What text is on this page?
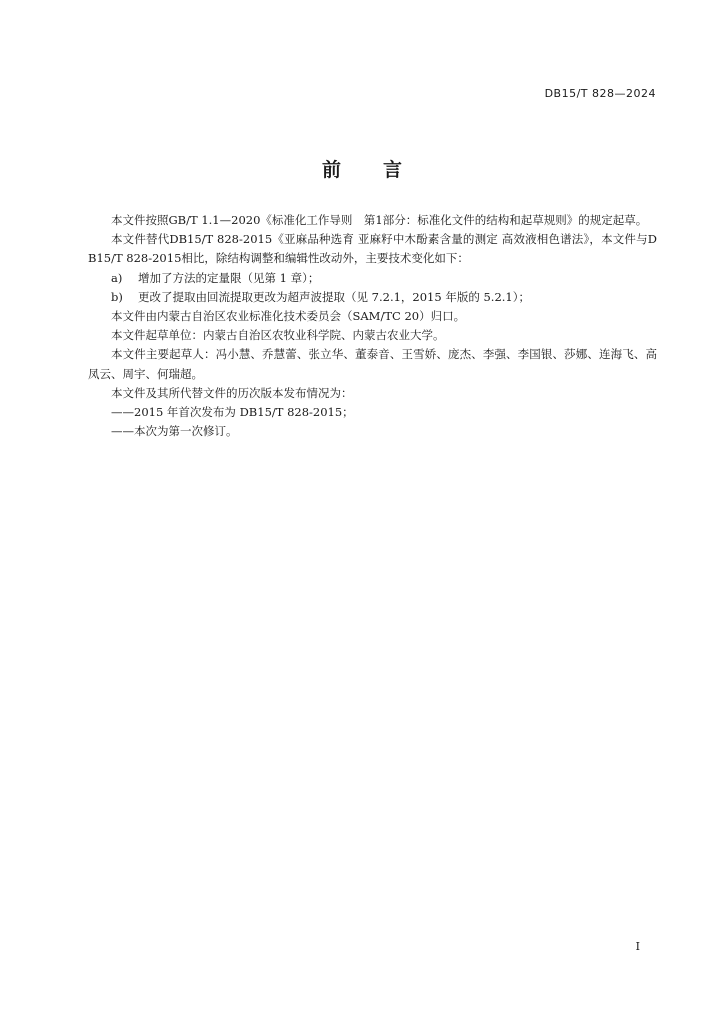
DB15/T 828—2024
前 言

本文件按照GB/T 1.1—2020《标准化工作导则　第1部分：标准化文件的结构和起草规则》的规定起草。

本文件替代DB15/T 828-2015《亚麻品种选育 亚麻籽中木酚素含量的测定 高效液相色谱法》，本文件与DB15/T 828-2015相比，除结构调整和编辑性改动外，主要技术变化如下：

a) 增加了方法的定量限（见第 1 章）；

b) 更改了提取由回流提取更改为超声波提取（见 7.2.1，2015 年版的 5.2.1）；

本文件由内蒙古自治区农业标准化技术委员会（SAM/TC 20）归口。

本文件起草单位：内蒙古自治区农牧业科学院、内蒙古农业大学。

本文件主要起草人：冯小慧、乔慧蕾、张立华、董泰音、王雪娇、庞杰、李强、李国银、莎娜、连海飞、高凤云、周宇、何瑞超。

本文件及其所代替文件的历次版本发布情况为：

——2015 年首次发布为 DB15/T 828-2015；

——本次为第一次修订。

I
